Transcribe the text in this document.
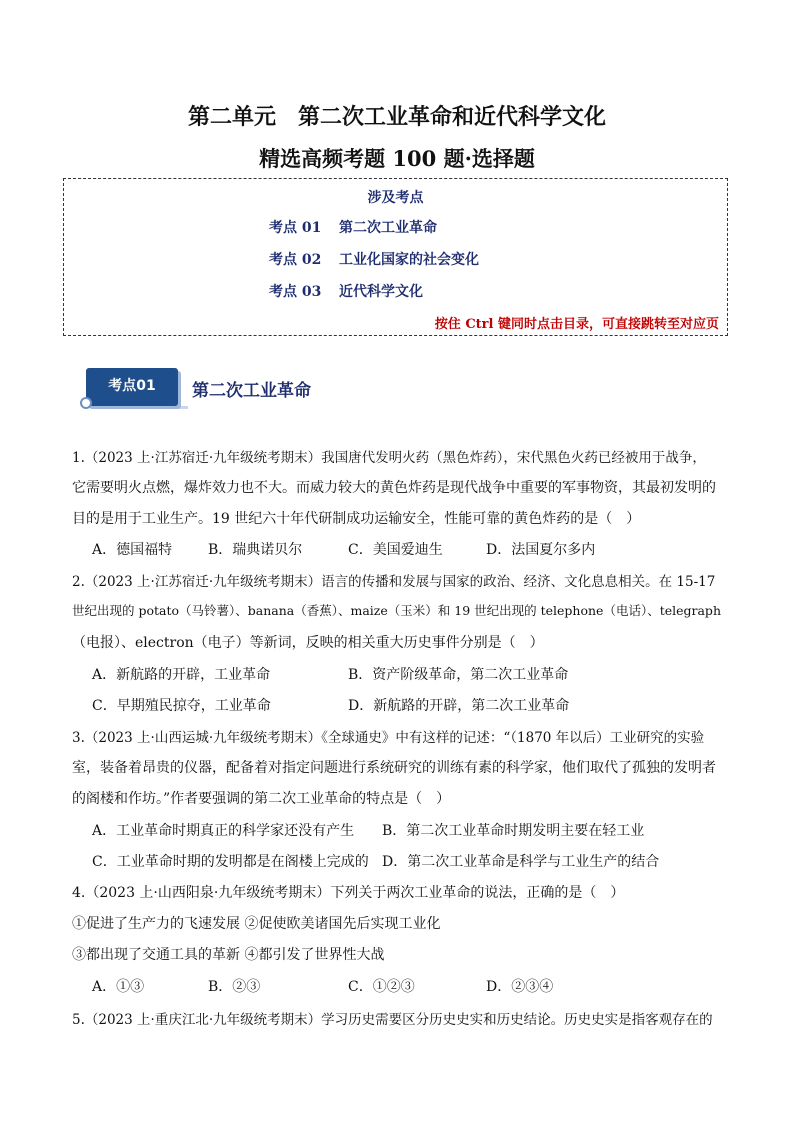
第二单元　第二次工业革命和近代科学文化
精选高频考题 100 题·选择题
涉及考点
考点 01 第二次工业革命
考点 02 工业化国家的社会变化
考点 03 近代科学文化
按住 Ctrl 键同时点击目录，可直接跳转至对应页
考点01	第二次工业革命
1.（2023 上·江苏宿迁·九年级统考期末）我国唐代发明火药（黑色炸药），宋代黑色火药已经被用于战争，
它需要明火点燃，爆炸效力也不大。而威力较大的黄色炸药是现代战争中重要的军事物资，其最初发明的
目的是用于工业生产。19 世纪六十年代研制成功运输安全，性能可靠的黄色炸药的是（　）
A．德国福特	B．瑞典诺贝尔	C．美国爱迪生	D．法国夏尔多内
2.（2023 上·江苏宿迁·九年级统考期末）语言的传播和发展与国家的政治、经济、文化息息相关。在 15-17
世纪出现的 potato（马铃薯）、banana（香蕉）、maize（玉米）和 19 世纪出现的 telephone（电话）、telegraph
（电报）、electron（电子）等新词，反映的相关重大历史事件分别是（　）
A．新航路的开辟，工业革命	B．资产阶级革命，第二次工业革命
C．早期殖民掠夺，工业革命	D．新航路的开辟，第二次工业革命
3.（2023 上·山西运城·九年级统考期末）《全球通史》中有这样的记述：“（1870 年以后）工业研究的实验
室，装备着昂贵的仪器，配备着对指定问题进行系统研究的训练有素的科学家，他们取代了孤独的发明者
的阁楼和作坊。”作者要强调的第二次工业革命的特点是（　）
A．工业革命时期真正的科学家还没有产生 B．第二次工业革命时期发明主要在轻工业
C．工业革命时期的发明都是在阁楼上完成的 D．第二次工业革命是科学与工业生产的结合
4.（2023 上·山西阳泉·九年级统考期末）下列关于两次工业革命的说法，正确的是（　）
①促进了生产力的飞速发展 ②促使欧美诸国先后实现工业化
③都出现了交通工具的革新 ④都引发了世界性大战
A．①③	B．②③	C．①②③	D．②③④
5.（2023 上·重庆江北·九年级统考期末）学习历史需要区分历史史实和历史结论。历史史实是指客观存在的
